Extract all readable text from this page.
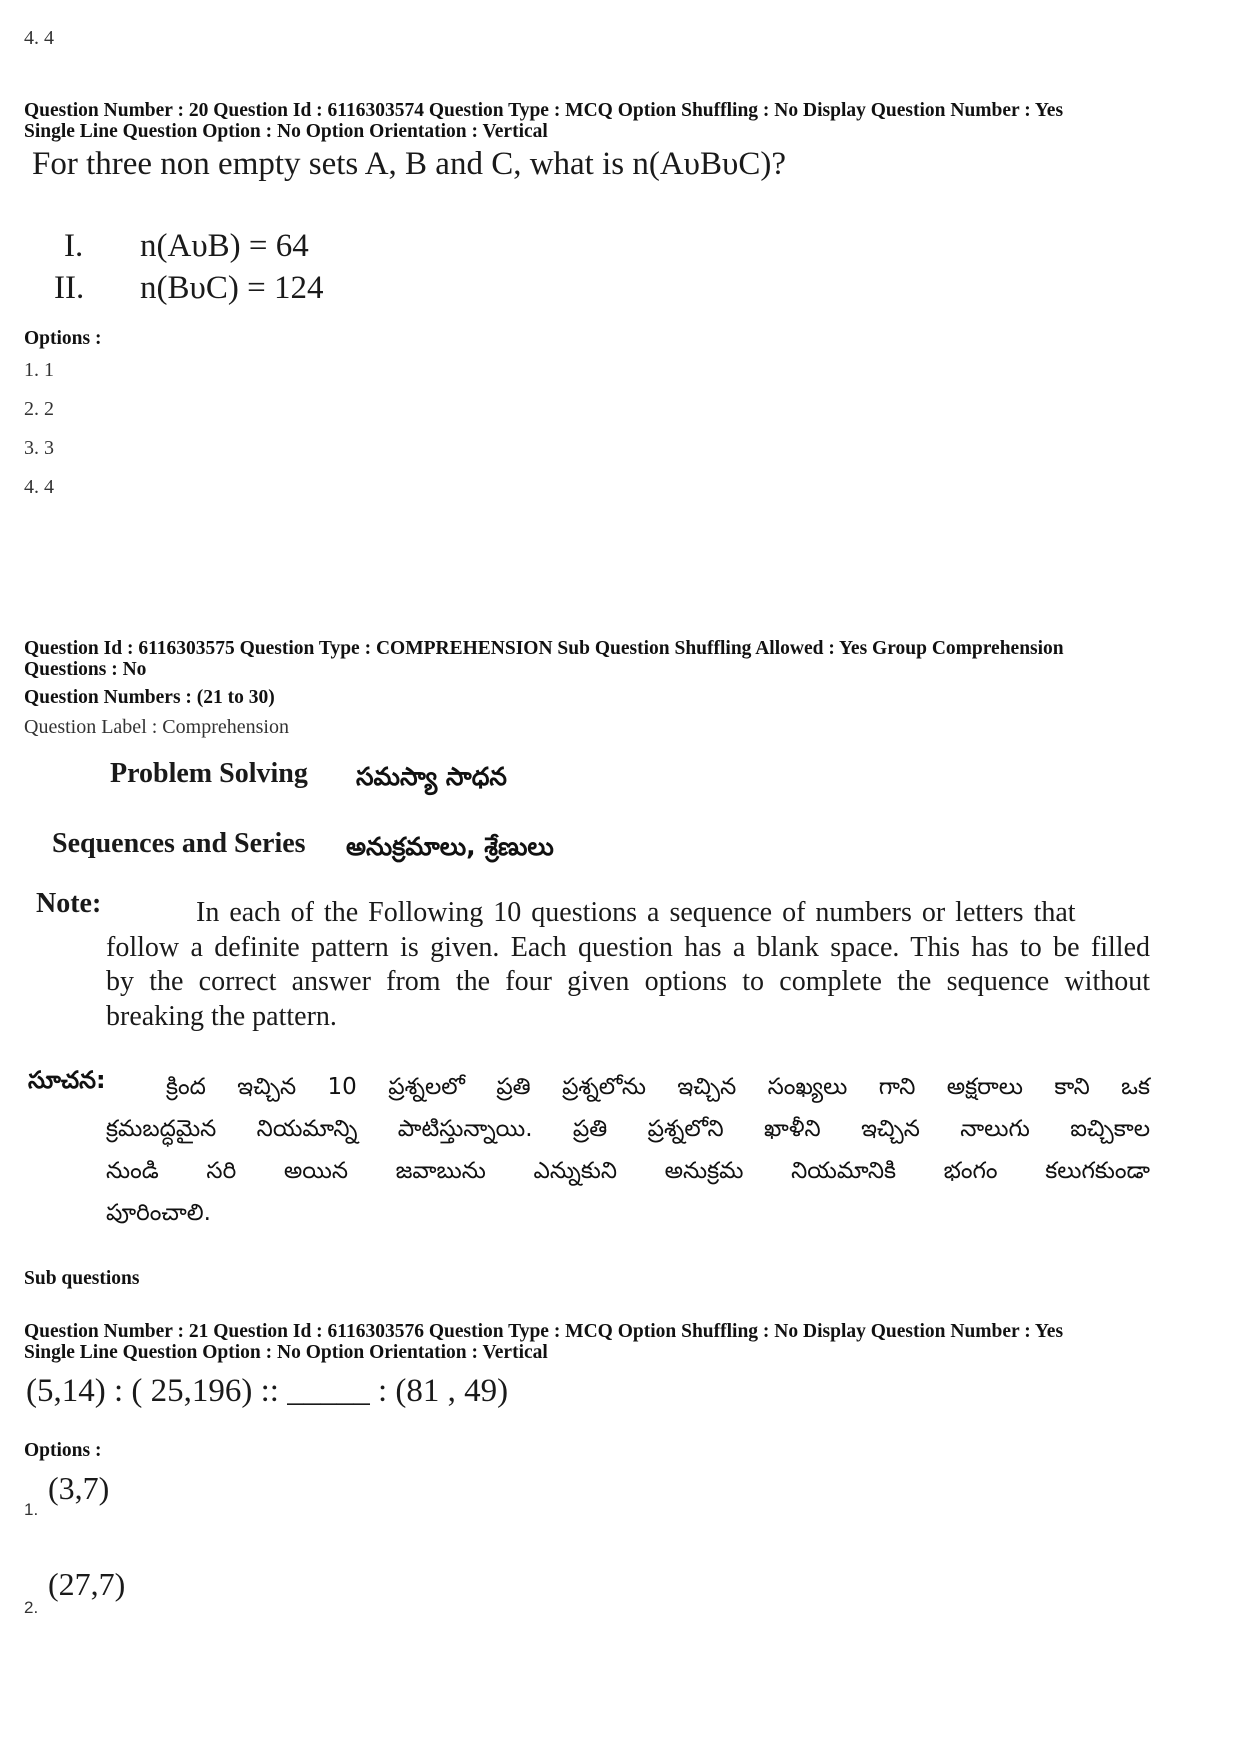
4. 4
Question Number : 20 Question Id : 6116303574 Question Type : MCQ Option Shuffling : No Display Question Number : Yes
Single Line Question Option : No Option Orientation : Vertical
For three non empty sets A, B and C, what is n(AυBυC)?
I. n(AυB) = 64
II. n(BυC) = 124
Options :
1. 1
2. 2
3. 3
4. 4
Question Id : 6116303575 Question Type : COMPREHENSION Sub Question Shuffling Allowed : Yes Group Comprehension
Questions : No
Question Numbers : (21 to 30)
Question Label : Comprehension
Problem Solving సమస్యా సాధన
Sequences and Series అనుక్రమాలు, శ్రేణులు
Note:	In each of the Following 10 questions a sequence of numbers or letters that
follow a definite pattern is given. Each question has a blank space. This has to be filled
by the correct answer from the four given options to complete the sequence without
breaking the pattern.
సూచన:	క్రింద ఇచ్చిన 10 ప్రశ్నలలో ప్రతి ప్రశ్నలోను ఇచ్చిన సంఖ్యలు గాని అక్షరాలు కాని ఒక
క్రమబద్ధమైన నియమాన్ని పాటిస్తున్నాయి. ప్రతి ప్రశ్నలోని ఖాళీని ఇచ్చిన నాలుగు ఐచ్చికాల
నుండి సరి అయిన జవాబును ఎన్నుకుని అనుక్రమ నియమానికి భంగం కలుగకుండా
పూరించాలి.
Sub questions
Question Number : 21 Question Id : 6116303576 Question Type : MCQ Option Shuffling : No Display Question Number : Yes
Single Line Question Option : No Option Orientation : Vertical
(5,14) : ( 25,196) :: _____ : (81 , 49)
Options :
1.
(3,7)
2.
(27,7)
